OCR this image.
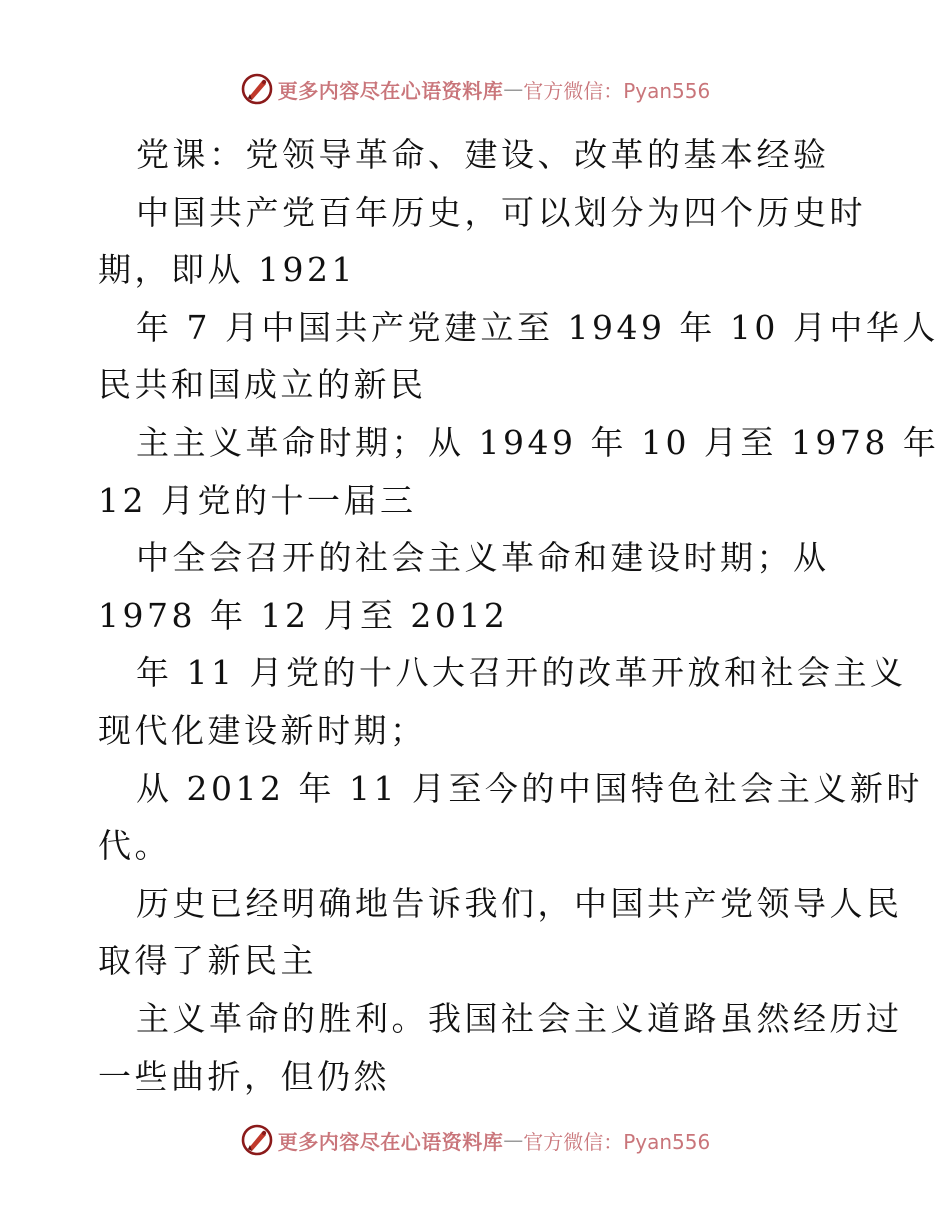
更多内容尽在心语资料库 — 官方微信：Pyan556
党课：党领导革命、建设、改革的基本经验
中国共产党百年历史，可以划分为四个历史时
期，即从 1921
年 7 月中国共产党建立至 1949 年 10 月中华人
民共和国成立的新民
主主义革命时期；从 1949 年 10 月至 1978 年
12 月党的十一届三
中全会召开的社会主义革命和建设时期；从
1978 年 12 月至 2012
年 11 月党的十八大召开的改革开放和社会主义
现代化建设新时期；
从 2012 年 11 月至今的中国特色社会主义新时
代。
历史已经明确地告诉我们，中国共产党领导人民
取得了新民主
主义革命的胜利。我国社会主义道路虽然经历过
一些曲折，但仍然
更多内容尽在心语资料库 — 官方微信：Pyan556
